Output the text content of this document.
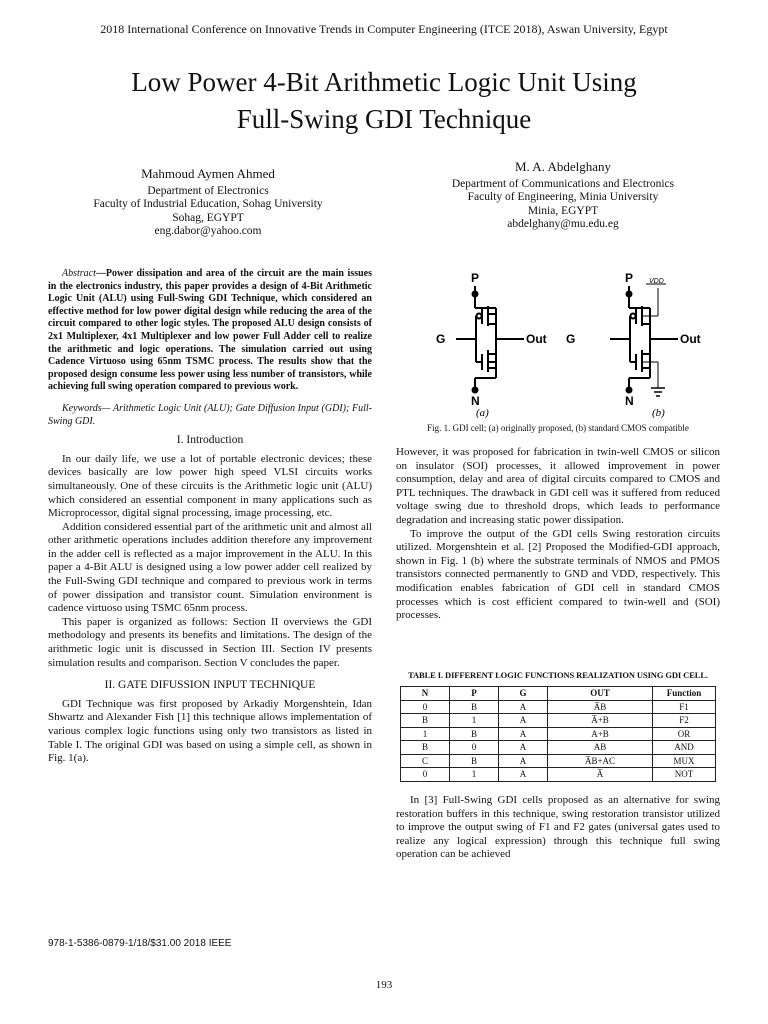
2018 International Conference on Innovative Trends in Computer Engineering (ITCE 2018), Aswan University, Egypt
Low Power 4-Bit Arithmetic Logic Unit Using
Full-Swing GDI Technique
Mahmoud Aymen Ahmed
Department of Electronics
Faculty of Industrial Education, Sohag University
Sohag, EGYPT
eng.dabor@yahoo.com
M. A. Abdelghany
Department of Communications and Electronics
Faculty of Engineering, Minia University
Minia, EGYPT
abdelghany@mu.edu.eg

Abstract—Power dissipation and area of the circuit are the main issues in the electronics industry, this paper provides a design of 4-Bit Arithmetic Logic Unit (ALU) using Full-Swing GDI Technique, which considered an effective method for low power digital design while reducing the area of the circuit compared to other logic styles. The proposed ALU design consists of 2x1 Multiplexer, 4x1 Multiplexer and low power Full Adder cell to realize the arithmetic and logic operations. The simulation carried out using Cadence Virtuoso using 65nm TSMC process. The results show that the proposed design consume less power using less number of transistors, while achieving full swing operation compared to previous work.

Keywords— Arithmetic Logic Unit (ALU); Gate Diffusion Input (GDI); Full-Swing GDI.

I. Introduction

In our daily life, we use a lot of portable electronic devices; these devices basically are low power high speed VLSI circuits works simultaneously. One of these circuits is the Arithmetic logic unit (ALU) which considered an essential component in many applications such as Microprocessor, digital signal processing, image processing, etc.

Addition considered essential part of the arithmetic unit and almost all other arithmetic operations includes addition therefore any improvement in the adder cell is reflected as a major improvement in the ALU. In this paper a 4-Bit ALU is designed using a low power adder cell realized by the Full-Swing GDI technique and compared to previous work in terms of power dissipation and transistor count. Simulation environment is cadence virtuoso using TSMC 65nm process.

This paper is organized as follows: Section II overviews the GDI methodology and presents its benefits and limitations. The design of the arithmetic logic unit is discussed in Section III. Section IV presents simulation results and comparison. Section V concludes the paper.

II. GATE DIFUSSION INPUT TECHNIQUE

GDI Technique was first proposed by Arkadiy Morgenshtein, Idan Shwartz and Alexander Fish [1] this technique allows implementation of various complex logic functions using only two transistors as listed in Table I. The original GDI was based on using a simple cell, as shown in Fig. 1(a).

P
Out
N
G
P VDD
Out
N
G
(a)	(b)
Fig. 1. GDI cell; (a) originally proposed, (b) standard CMOS compatible

However, it was proposed for fabrication in twin-well CMOS or silicon on insulator (SOI) processes, it allowed improvement in power consumption, delay and area of digital circuits compared to CMOS and PTL techniques. The drawback in GDI cell was it suffered from reduced voltage swing due to threshold drops, which leads to performance degradation and increasing static power dissipation.

To improve the output of the GDI cells Swing restoration circuits utilized. Morgenshtein et al. [2] Proposed the Modified-GDI approach, shown in Fig. 1 (b) where the substrate terminals of NMOS and PMOS transistors connected permanently to GND and VDD, respectively. This modification enables fabrication of GDI cell in standard CMOS processes which is cost efficient compared to twin-well and (SOI) processes.

TABLE I. DIFFERENT LOGIC FUNCTIONS REALIZATION USING GDI CELL.
N	P	G	OUT	Function
0	B	A	A̅B	F1
B	1	A	A̅+B	F2
1	B	A	A+B	OR
B	0	A	AB	AND
C	B	A	A̅B+AC	MUX
0	1	A	A̅	NOT

In [3] Full-Swing GDI cells proposed as an alternative for swing restoration buffers in this technique, swing restoration transistor utilized to improve the output swing of F1 and F2 gates (universal gates used to realize any logical expression) through this technique full swing operation can be achieved

978-1-5386-0879-1/18/$31.00 2018 IEEE
193
